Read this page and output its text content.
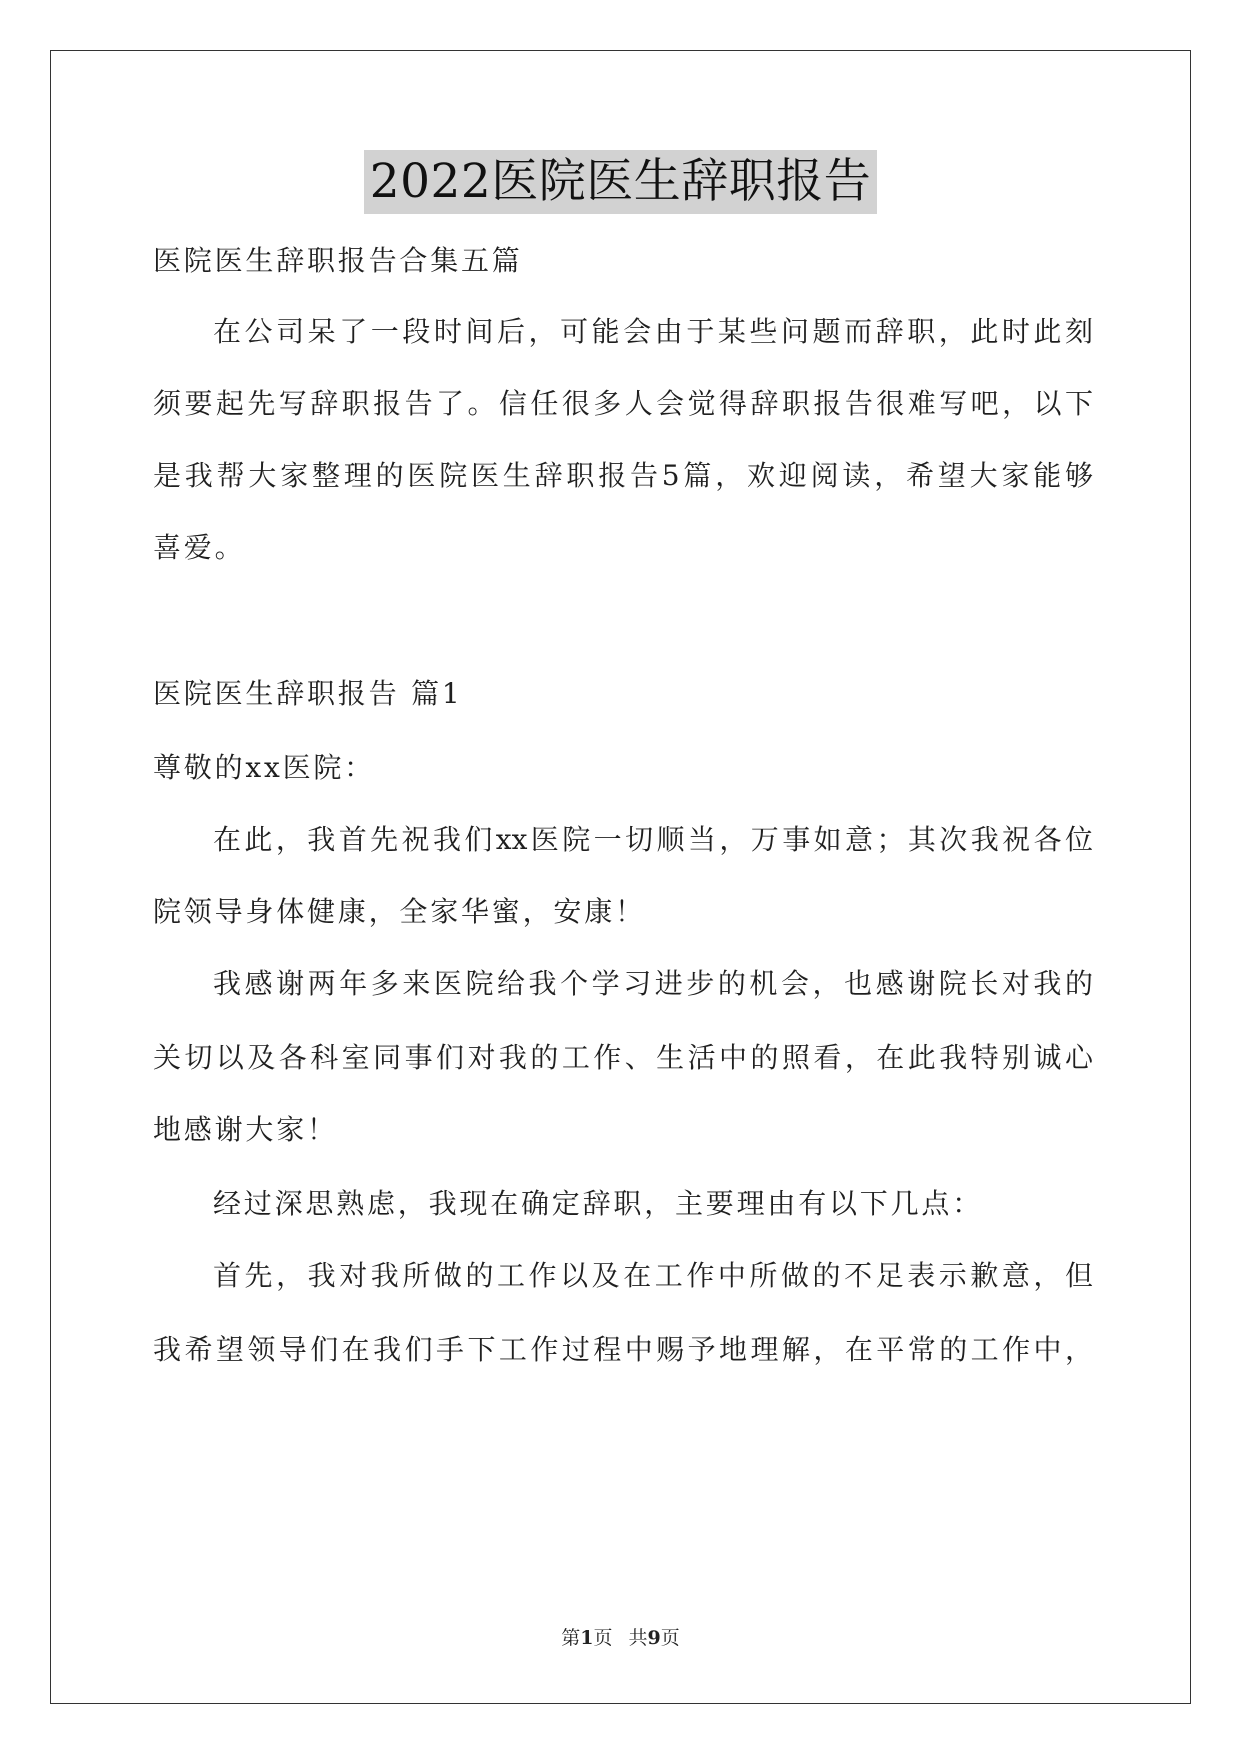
2022医院医生辞职报告
医院医生辞职报告合集五篇
在公司呆了一段时间后，可能会由于某些问题而辞职，此时此刻
须要起先写辞职报告了。信任很多人会觉得辞职报告很难写吧，以下
是我帮大家整理的医院医生辞职报告5篇，欢迎阅读，希望大家能够
喜爱。
医院医生辞职报告 篇1
尊敬的xx医院：
在此，我首先祝我们xx医院一切顺当，万事如意；其次我祝各位
院领导身体健康，全家华蜜，安康！
我感谢两年多来医院给我个学习进步的机会，也感谢院长对我的
关切以及各科室同事们对我的工作、生活中的照看，在此我特别诚心
地感谢大家！
经过深思熟虑，我现在确定辞职，主要理由有以下几点：
首先，我对我所做的工作以及在工作中所做的不足表示歉意，但
我希望领导们在我们手下工作过程中赐予地理解，在平常的工作中，
第1页 共9页
